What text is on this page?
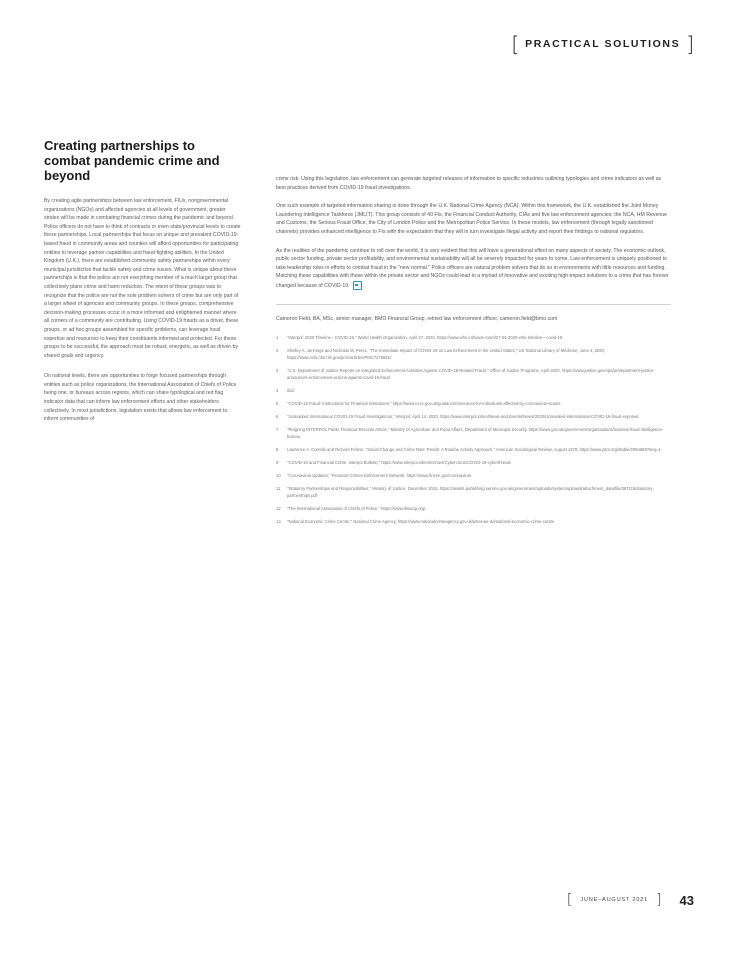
[ PRACTICAL SOLUTIONS ]
Creating partnerships to combat pandemic crime and beyond

By creating agile partnerships between law enforcement, FIUs, nongovernmental organizations (NGOs) and affected agencies at all levels of government, greater strides will be made in combating financial crimes during the pandemic and beyond. Police officers do not have to think of contracts or even state/provincial levels to create these partnerships. Local partnerships that focus on unique and prevalent COVID-19-based fraud in community areas and counties will afford opportunities for participating entities to leverage partner capabilities and fraud-fighting abilities. In the United Kingdom (U.K.), there are established community safety partnerships within every municipal jurisdiction that tackle safety and crime issues. What is unique about these partnerships is that the police are not everything member of a much larger group that collectively plans crime and harm reduction. The intent of these groups was to recognize that the police are not the sole problem solvers of crime but are only part of a larger wheel of agencies and community groups. In these groups, comprehensive decision-making processes occur in a more informed and enlightened manner where all corners of a community are contributing. Using COVID-19 frauds as a driver, these groups, or ad hoc groups assembled for specific problems, can leverage local expertise and resources to keep their constituents informed and protected. For these groups to be successful, the approach must be robust, energetic, as well as driven by shared goals and urgency.

On national levels, there are opportunities to forge focused partnerships through entities such as police organizations, the International Association of Chiefs of Police being one, or bureaus across regions, which can share typological and red flag indicator data that can inform law enforcement efforts and other stakeholders collectively. In most jurisdictions, legislation exists that allows law enforcement to inform communities of

crime risk. Using this legislation, law enforcement can generate targeted releases of information to specific industries outlining typologies and crime indicators as well as best practices derived from COVID-19 fraud investigations.

One such example of targeted information sharing is done through the U.K. National Crime Agency (NCA). Within this framework, the U.K. established the Joint Money Laundering Intelligence Taskforce (JMLIT). This group consists of 40 FIs, the Financial Conduct Authority, CIAs and five law enforcement agencies: the NCA, HM Revenue and Customs, the Serious Fraud Office, the City of London Police and the Metropolitan Police Service. In these models, law enforcement (through legally sanctioned channels) provides enhanced intelligence to FIs with the expectation that they will in turn investigate illegal activity and report their findings to national regulators.

As the realities of the pandemic continue to roll over the world, it is very evident that this will have a generational effect on many aspects of society. The economic outlook, public sector funding, private sector profitability, and environmental sustainability will all be severely impacted for years to come. Law enforcement is uniquely positioned to take leadership roles in efforts to combat fraud in the "new normal." Police officers are natural problem solvers that do so in environments with little resources and funding. Matching these capabilities with those within the private sector and NGOs could lead to a myriad of innovative and exciting high-impact solutions to a crime that has forever changed because of COVID-19.

Cameron Field, BA, MSc, senior manager, BMO Financial Group, retired law enforcement officer, cameron.field@bmo.com

1	"Interpol: 2020 Timeline - COVID-19," World Health Organization, April 27, 2020, https://www.who.int/news-room/27-04-2020-who-timeline---covid-19
2	Shelley A. Jennings and Nicholas M. Perez, "The Immediate Impact of COVID-19 on Law Enforcement in the United States," US National Library of Medicine, June 4, 2020, https://www.ncbi.nlm.nih.gov/pmc/articles/PMC7275851/
3	"U.S. Department of Justice Reports on Integrated Enforcement Activities Against COVID-19-Related Fraud," Office of Justice Programs, April 2020, https://www.justice.gov/opa/pr/department-justice-announces-enforcement-actions-against-covid-19-fraud
4	Ibid.
5	"COVID-19 Fraud: Instructions for Financial Institutions," https://www.ncsc.gov.uk/guidance/resources-for-individuals-affected-by-coronavirus-scams
6	"Unmasked International COVID-19 Fraud Investigations," Interpol, April 14, 2020, https://www.interpol.int/en/News-and-Events/News/2020/Unmasked-international-COVID-19-fraud-exposed
7	"Reigning INTERPOL Public Financial Records Article," Ministry of Agriculture and Rural Affairs, Department of Municipal Security, https://www.gov.uk/government/organisations/national-fraud-intelligence-bureau
8	Lawrence A. Corrella and Richard Felson, "Social Change and Crime Rate Trends: A Routine Activity Approach," American Sociological Review, August 1979, https://www.jstor.org/stable/2094589?seq=1
9	"COVID-19 and Financial Crime: Interpol Bulletin," https://www.interpol.int/en/Crimes/Cybercrime/COVID-19-cyberthreats
10	"Coronavirus Updates," Financial Crimes Enforcement Network, https://www.fincen.gov/coronavirus
11	"Statutory Partnerships and Responsibilities," Ministry of Justice, December 2015, https://assets.publishing.service.gov.uk/government/uploads/system/uploads/attachment_data/file/387116/statutory-partnerships.pdf
12	"The International Association of Chiefs of Police," https://www.theiacp.org/
13	"National Economic Crime Centre," National Crime Agency, https://www.nationalcrimeagency.gov.uk/what-we-do/national-economic-crime-centre
[ JUNE–AUGUST 2021 ] 43
